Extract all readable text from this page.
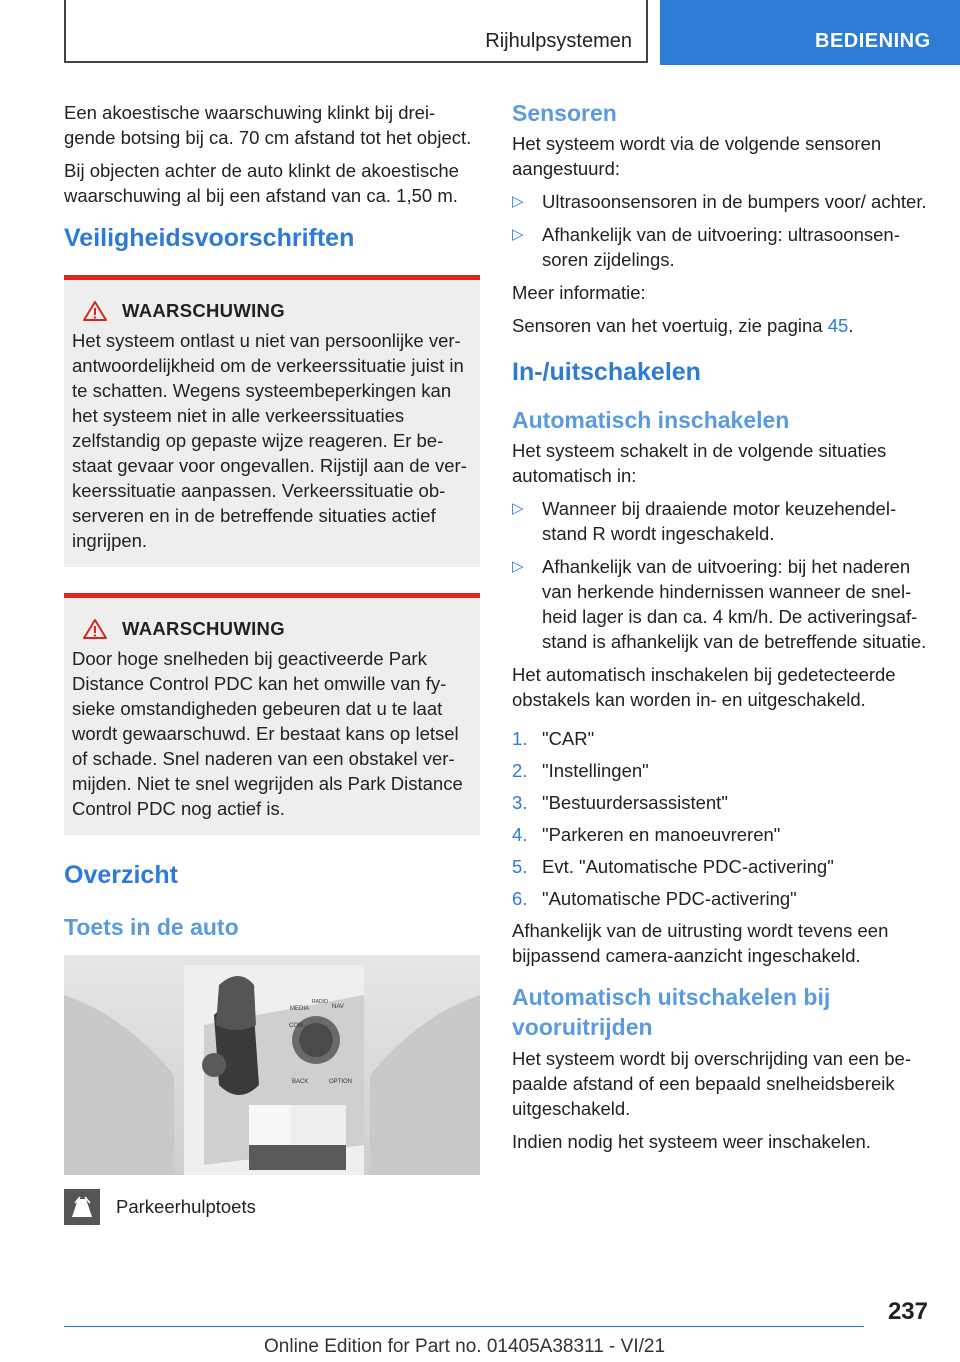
Rijhulpsystemen	BEDIENING

Een akoestische waarschuwing klinkt bij dreigende botsing bij ca. 70 cm afstand tot het object.

Bij objecten achter de auto klinkt de akoestische waarschuwing al bij een afstand van ca. 1,50 m.

Veiligheidsvoorschriften
WAARSCHUWING

Het systeem ontlast u niet van persoonlijke verantwoordelijkheid om de verkeerssituatie juist in te schatten. Wegens systeembeperkingen kan het systeem niet in alle verkeerssituaties zelfstandig op gepaste wijze reageren. Er bestaat gevaar voor ongevallen. Rijstijl aan de verkeerssituatie aanpassen. Verkeerssituatie observeren en in de betreffende situaties actief ingrijpen.

WAARSCHUWING

Door hoge snelheden bij geactiveerde Park Distance Control PDC kan het omwille van fysieke omstandigheden gebeuren dat u te laat wordt gewaarschuwd. Er bestaat kans op letsel of schade. Snel naderen van een obstakel vermijden. Niet te snel wegrijden als Park Distance Control PDC nog actief is.

Overzicht
Toets in de auto
MEDIA
RADIO
NAV
COM
BACK	OPTION
Parkeerhulptoets
Sensoren

Het systeem wordt via de volgende sensoren aangestuurd:

▷ Ultrasoonsensoren in de bumpers voor/ achter.
▷ Afhankelijk van de uitvoering: ultrasoonsensoren zijdelings.

Meer informatie:

Sensoren van het voertuig, zie pagina 45.

In-/uitschakelen
Automatisch inschakelen

Het systeem schakelt in de volgende situaties automatisch in:

▷ Wanneer bij draaiende motor keuzehendelstand R wordt ingeschakeld.
▷ Afhankelijk van de uitvoering: bij het naderen van herkende hindernissen wanneer de snelheid lager is dan ca. 4 km/h. De activeringsafstand is afhankelijk van de betreffende situatie.

Het automatisch inschakelen bij gedetecteerde obstakels kan worden in- en uitgeschakeld.

1. "CAR"
2. "Instellingen"
3. "Bestuurdersassistent"
4. "Parkeren en manoeuvreren"
5. Evt. "Automatische PDC-activering"
6. "Automatische PDC-activering"

Afhankelijk van de uitrusting wordt tevens een bijpassend camera-aanzicht ingeschakeld.

Automatisch uitschakelen bij vooruitrijden

Het systeem wordt bij overschrijding van een bepaalde afstand of een bepaald snelheidsbereik uitgeschakeld.

Indien nodig het systeem weer inschakelen.

237
Online Edition for Part no. 01405A38311 - VI/21
